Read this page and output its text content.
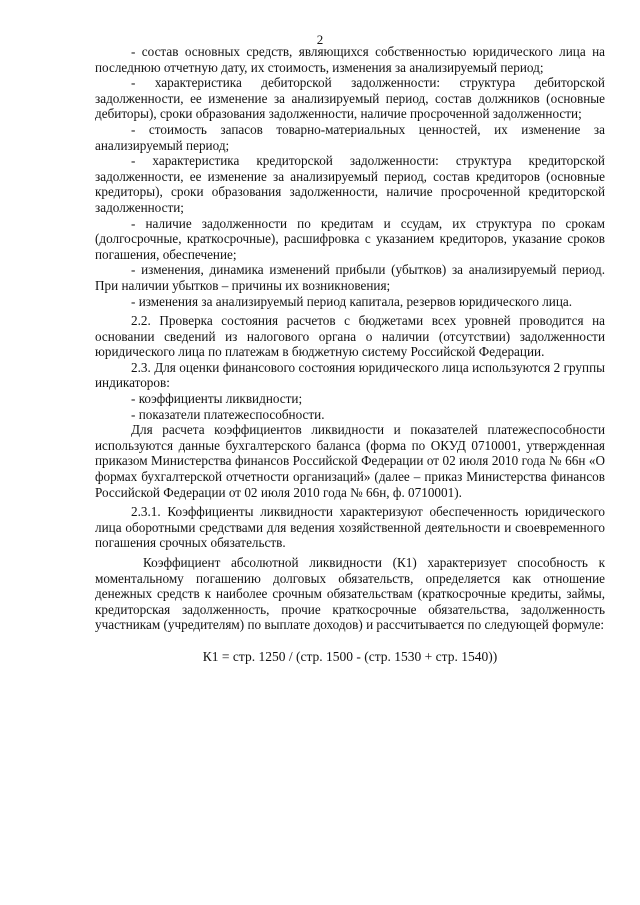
2

- состав основных средств, являющихся собственностью юридического лица на последнюю отчетную дату, их стоимость, изменения за анализируемый период;

- характеристика дебиторской задолженности: структура дебиторской задолженности, ее изменение за анализируемый период, состав должников (основные дебиторы), сроки образования задолженности, наличие просроченной задолженности;

- стоимость запасов товарно-материальных ценностей, их изменение за анализируемый период;

- характеристика кредиторской задолженности: структура кредиторской задолженности, ее изменение за анализируемый период, состав кредиторов (основные кредиторы), сроки образования задолженности, наличие просроченной кредиторской задолженности;

- наличие задолженности по кредитам и ссудам, их структура по срокам (долгосрочные, краткосрочные), расшифровка с указанием кредиторов, указание сроков погашения, обеспечение;

- изменения, динамика изменений прибыли (убытков) за анализируемый период. При наличии убытков – причины их возникновения;

- изменения за анализируемый период капитала, резервов юридического лица.

2.2. Проверка состояния расчетов с бюджетами всех уровней проводится на основании сведений из налогового органа о наличии (отсутствии) задолженности юридического лица по платежам в бюджетную систему Российской Федерации.

2.3. Для оценки финансового состояния юридического лица используются 2 группы индикаторов:

- коэффициенты ликвидности;

- показатели платежеспособности.

Для расчета коэффициентов ликвидности и показателей платежеспособности используются данные бухгалтерского баланса (форма по ОКУД 0710001, утвержденная приказом Министерства финансов Российской Федерации от 02 июля 2010 года № 66н «О формах бухгалтерской отчетности организаций» (далее – приказ Министерства финансов Российской Федерации от 02 июля 2010 года № 66н, ф. 0710001).

2.3.1. Коэффициенты ликвидности характеризуют обеспеченность юридического лица оборотными средствами для ведения хозяйственной деятельности и своевременного погашения срочных обязательств.

Коэффициент абсолютной ликвидности (К1) характеризует способность к моментальному погашению долговых обязательств, определяется как отношение денежных средств к наиболее срочным обязательствам (краткосрочные кредиты, займы, кредиторская задолженность, прочие краткосрочные обязательства, задолженность участникам (учредителям) по выплате доходов) и рассчитывается по следующей формуле:

К1 = стр. 1250 / (стр. 1500 - (стр. 1530 + стр. 1540))
